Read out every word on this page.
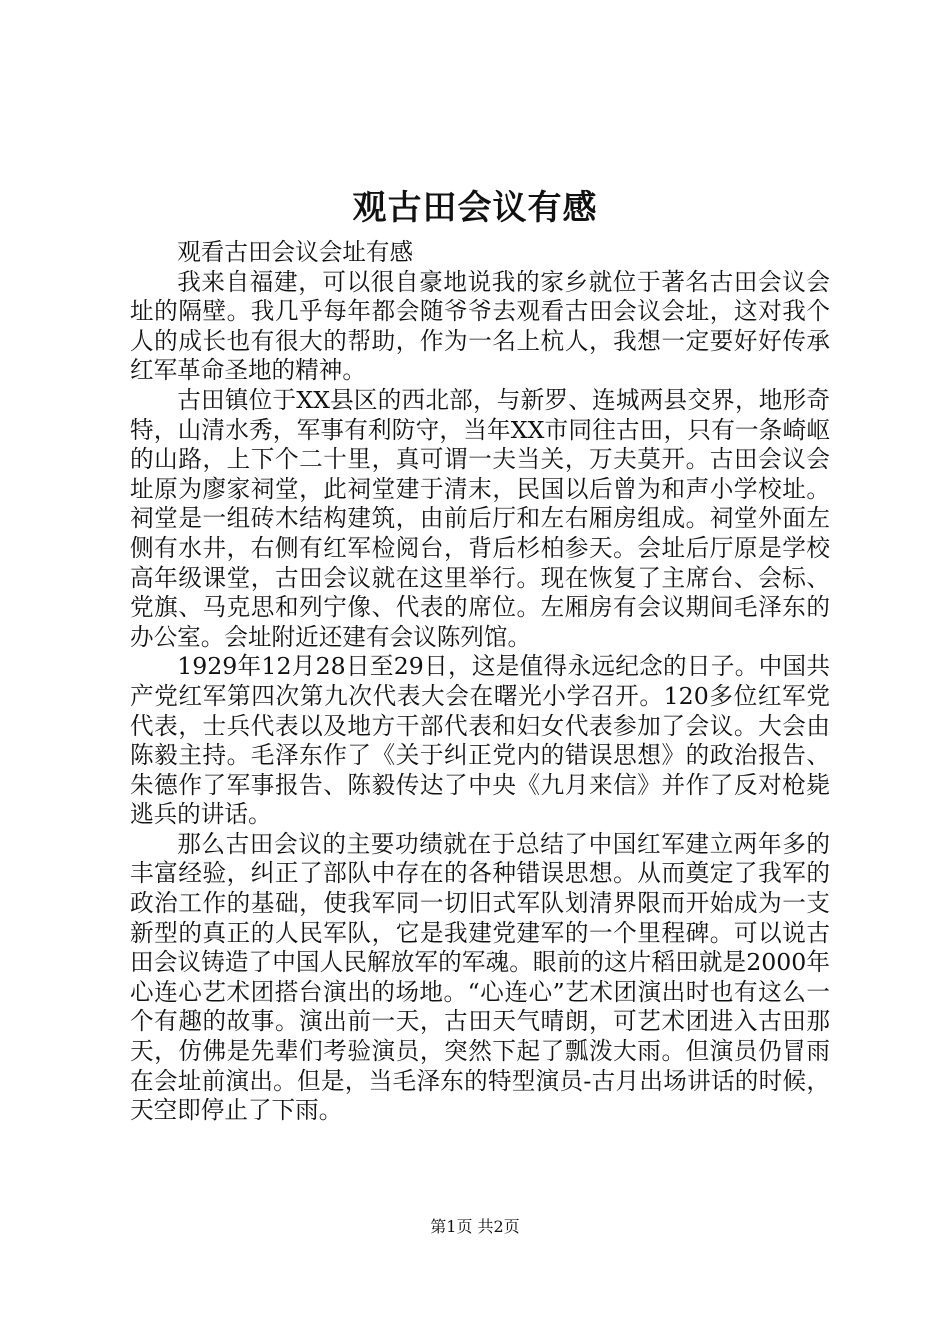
观古田会议有感

观看古田会议会址有感

我来自福建，可以很自豪地说我的家乡就位于著名古田会议会址的隔壁。我几乎每年都会随爷爷去观看古田会议会址，这对我个人的成长也有很大的帮助，作为一名上杭人，我想一定要好好传承红军革命圣地的精神。

古田镇位于XX县区的西北部，与新罗、连城两县交界，地形奇特，山清水秀，军事有利防守，当年XX市同往古田，只有一条崎岖的山路，上下个二十里，真可谓一夫当关，万夫莫开。古田会议会址原为廖家祠堂，此祠堂建于清末，民国以后曾为和声小学校址。祠堂是一组砖木结构建筑，由前后厅和左右厢房组成。祠堂外面左侧有水井，右侧有红军检阅台，背后杉柏参天。会址后厅原是学校高年级课堂，古田会议就在这里举行。现在恢复了主席台、会标、党旗、马克思和列宁像、代表的席位。左厢房有会议期间毛泽东的办公室。会址附近还建有会议陈列馆。

1929年12月28日至29日，这是值得永远纪念的日子。中国共产党红军第四次第九次代表大会在曙光小学召开。120多位红军党代表，士兵代表以及地方干部代表和妇女代表参加了会议。大会由陈毅主持。毛泽东作了《关于纠正党内的错误思想》的政治报告、朱德作了军事报告、陈毅传达了中央《九月来信》并作了反对枪毙逃兵的讲话。

那么古田会议的主要功绩就在于总结了中国红军建立两年多的丰富经验，纠正了部队中存在的各种错误思想。从而奠定了我军的政治工作的基础，使我军同一切旧式军队划清界限而开始成为一支新型的真正的人民军队，它是我建党建军的一个里程碑。可以说古田会议铸造了中国人民解放军的军魂。眼前的这片稻田就是2000年心连心艺术团搭台演出的场地。“心连心”艺术团演出时也有这么一个有趣的故事。演出前一天，古田天气晴朗，可艺术团进入古田那天，仿佛是先辈们考验演员，突然下起了瓢泼大雨。但演员仍冒雨在会址前演出。但是，当毛泽东的特型演员-古月出场讲话的时候，天空即停止了下雨。

第1页 共2页
